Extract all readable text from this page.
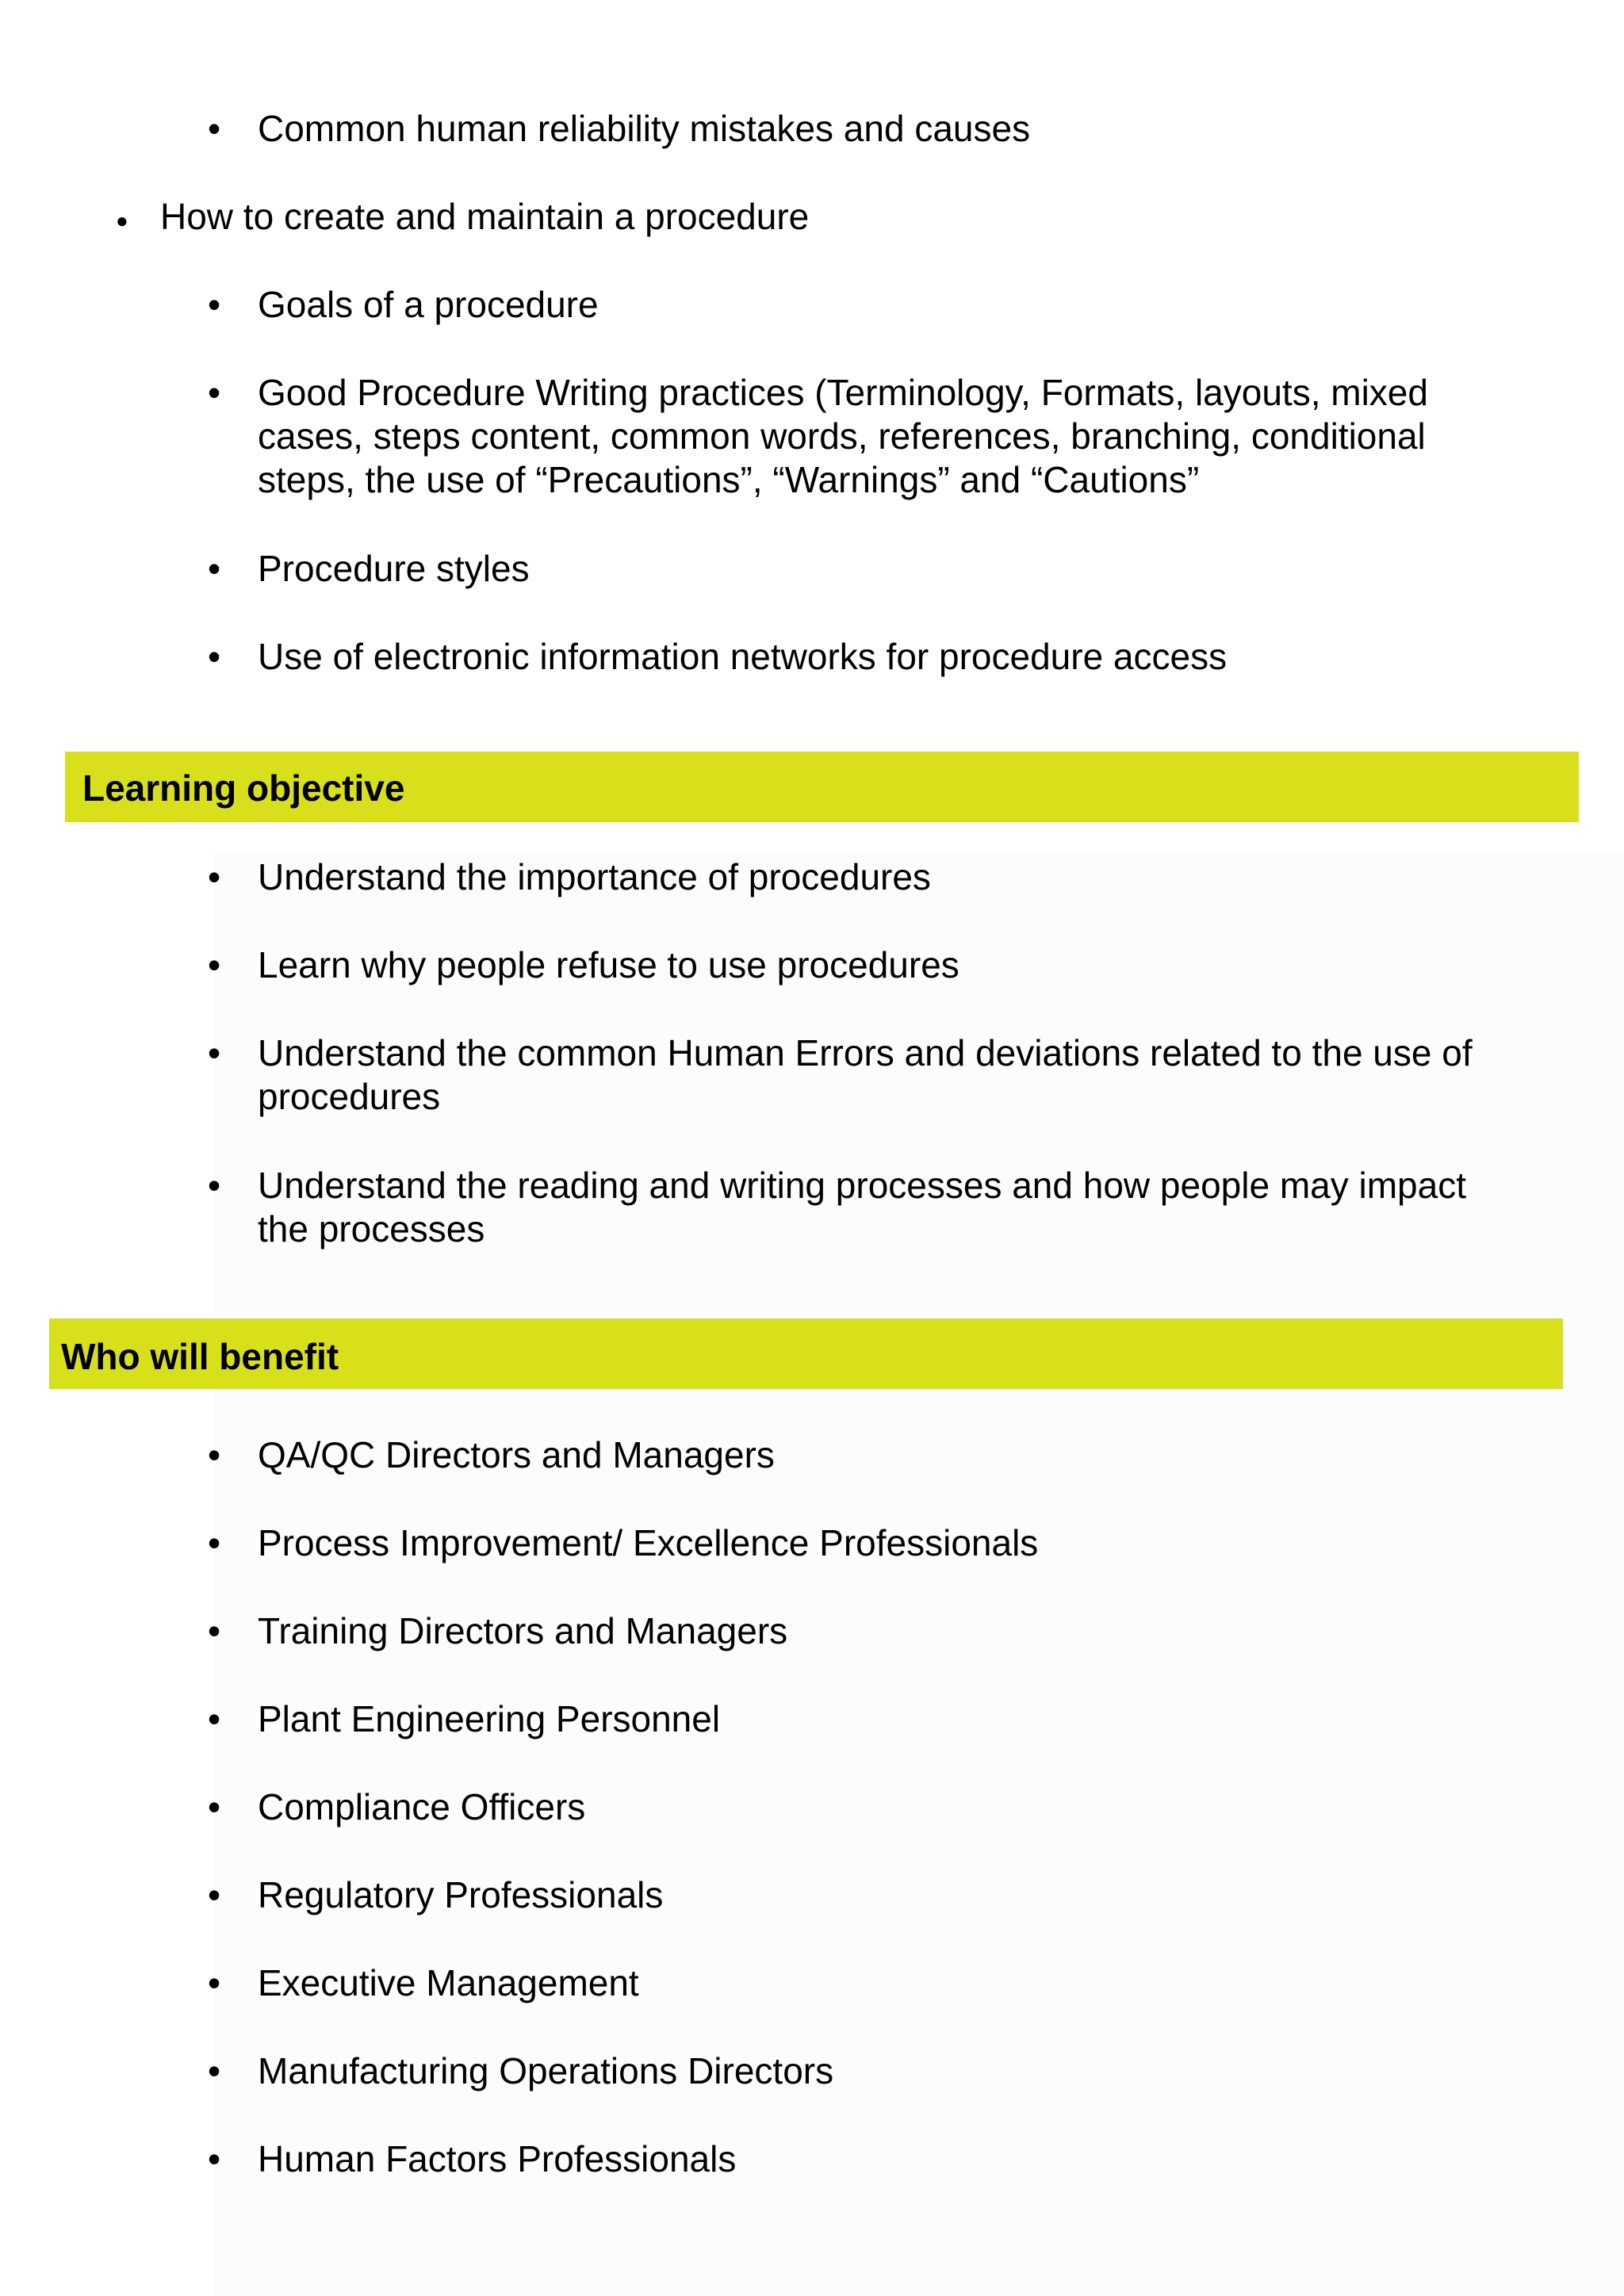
• Common human reliability mistakes and causes
● How to create and maintain a procedure
• Goals of a procedure
• Good Procedure Writing practices (Terminology, Formats, layouts, mixed
cases, steps content, common words, references, branching, conditional
steps, the use of “Precautions”, “Warnings” and “Cautions”
• Procedure styles
• Use of electronic information networks for procedure access
Learning objective
• Understand the importance of procedures
• Learn why people refuse to use procedures
• Understand the common Human Errors and deviations related to the use of
procedures
• Understand the reading and writing processes and how people may impact
the processes
Who will benefit
• QA/QC Directors and Managers
• Process Improvement/ Excellence Professionals
• Training Directors and Managers
• Plant Engineering Personnel
• Compliance Officers
• Regulatory Professionals
• Executive Management
• Manufacturing Operations Directors
• Human Factors Professionals
